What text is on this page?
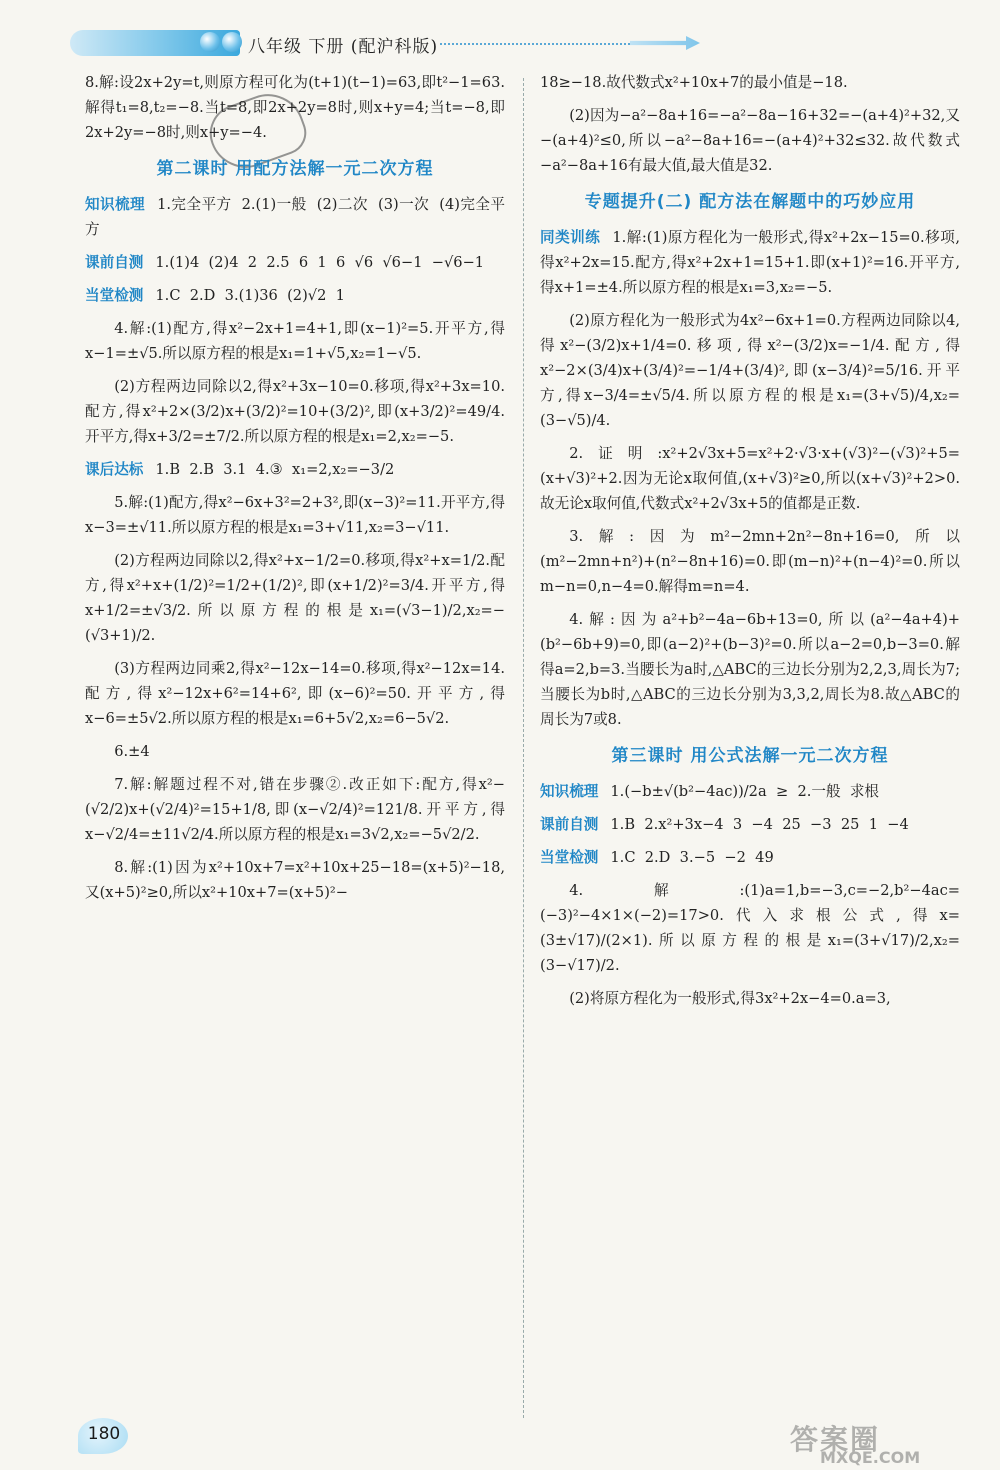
八年级 下册 (配沪科版)
8.解:设2x+2y=t,则原方程可化为(t+1)(t−1)=63,即t²−1=63.解得t₁=8,t₂=−8.当t=8,即2x+2y=8时,则x+y=4;当t=−8,即2x+2y=−8时,则x+y=−4.
第二课时 用配方法解一元二次方程
知识梳理 1.完全平方  2.(1)一般  (2)二次  (3)一次  (4)完全平方
课前自测 1.(1)4  (2)4  2  2.5  6  1  6  √6  √6−1  −√6−1
当堂检测 1.C  2.D  3.(1)36  (2)√2  1
4.解:(1)配方,得x²−2x+1=4+1,即(x−1)²=5.开平方,得x−1=±√5.所以原方程的根是x₁=1+√5,x₂=1−√5.
(2)方程两边同除以2,得x²+3x−10=0.移项,得x²+3x=10.配方,得x²+2×(3/2)x+(3/2)²=10+(3/2)²,即(x+3/2)²=49/4.开平方,得x+3/2=±7/2.所以原方程的根是x₁=2,x₂=−5.
课后达标 1.B  2.B  3.1  4.③  x₁=2,x₂=−3/2
5.解:(1)配方,得x²−6x+3²=2+3²,即(x−3)²=11.开平方,得x−3=±√11.所以原方程的根是x₁=3+√11,x₂=3−√11.
(2)方程两边同除以2,得x²+x−1/2=0.移项,得x²+x=1/2.配方,得x²+x+(1/2)²=1/2+(1/2)²,即(x+1/2)²=3/4.开平方,得x+1/2=±√3/2.所以原方程的根是x₁=(√3−1)/2,x₂=−(√3+1)/2.
(3)方程两边同乘2,得x²−12x−14=0.移项,得x²−12x=14.配方,得x²−12x+6²=14+6²,即(x−6)²=50.开平方,得x−6=±5√2.所以原方程的根是x₁=6+5√2,x₂=6−5√2.
6.±4
7.解:解题过程不对,错在步骤②.改正如下:配方,得x²−(√2/2)x+(√2/4)²=15+1/8,即(x−√2/4)²=121/8.开平方,得x−√2/4=±11√2/4.所以原方程的根是x₁=3√2,x₂=−5√2/2.
8.解:(1)因为x²+10x+7=x²+10x+25−18=(x+5)²−18,又(x+5)²≥0,所以x²+10x+7=(x+5)²−
18≥−18.故代数式x²+10x+7的最小值是−18.
(2)因为−a²−8a+16=−a²−8a−16+32=−(a+4)²+32,又−(a+4)²≤0,所以−a²−8a+16=−(a+4)²+32≤32.故代数式−a²−8a+16有最大值,最大值是32.
专题提升(二) 配方法在解题中的巧妙应用
同类训练 1.解:(1)原方程化为一般形式,得x²+2x−15=0.移项,得x²+2x=15.配方,得x²+2x+1=15+1.即(x+1)²=16.开平方,得x+1=±4.所以原方程的根是x₁=3,x₂=−5.
(2)原方程化为一般形式为4x²−6x+1=0.方程两边同除以4,得x²−(3/2)x+1/4=0.移项,得x²−(3/2)x=−1/4.配方,得x²−2×(3/4)x+(3/4)²=−1/4+(3/4)²,即(x−3/4)²=5/16.开平方,得x−3/4=±√5/4.所以原方程的根是x₁=(3+√5)/4,x₂=(3−√5)/4.
2.证明:x²+2√3x+5=x²+2·√3·x+(√3)²−(√3)²+5=(x+√3)²+2.因为无论x取何值,(x+√3)²≥0,所以(x+√3)²+2>0.故无论x取何值,代数式x²+2√3x+5的值都是正数.
3.解:因为m²−2mn+2n²−8n+16=0,所以(m²−2mn+n²)+(n²−8n+16)=0.即(m−n)²+(n−4)²=0.所以m−n=0,n−4=0.解得m=n=4.
4.解:因为a²+b²−4a−6b+13=0,所以(a²−4a+4)+(b²−6b+9)=0,即(a−2)²+(b−3)²=0.所以a−2=0,b−3=0.解得a=2,b=3.当腰长为a时,△ABC的三边长分别为2,2,3,周长为7;当腰长为b时,△ABC的三边长分别为3,3,2,周长为8.故△ABC的周长为7或8.
第三课时 用公式法解一元二次方程
知识梳理 1.(−b±√(b²−4ac))/2a  ≥  2.一般  求根
课前自测 1.B  2.x²+3x−4  3  −4  25  −3  25  1  −4
当堂检测 1.C  2.D  3.−5  −2  49
4.解:(1)a=1,b=−3,c=−2,b²−4ac=(−3)²−4×1×(−2)=17>0.代入求根公式,得x=(3±√17)/(2×1).所以原方程的根是x₁=(3+√17)/2,x₂=(3−√17)/2.
(2)将原方程化为一般形式,得3x²+2x−4=0.a=3,
180	答案圈
MXQE.COM
